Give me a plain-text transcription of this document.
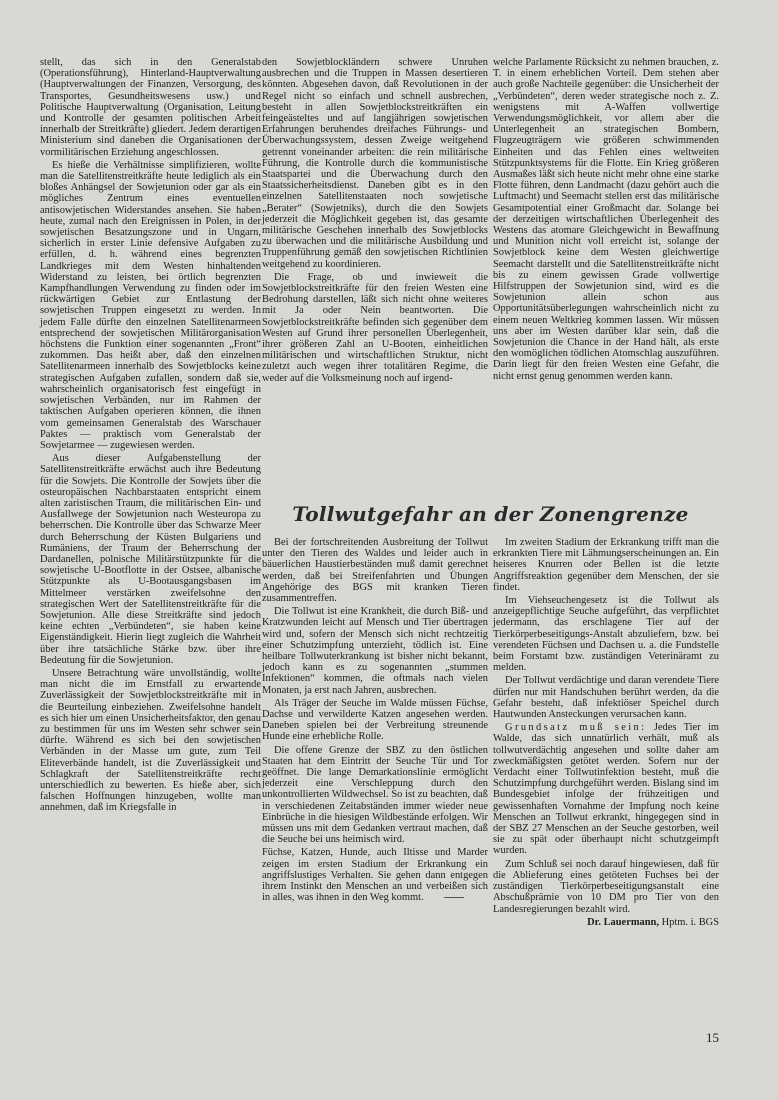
stellt, das sich in den Generalstab (Operationsführung), Hinterland-Hauptverwaltung (Hauptverwaltungen der Finanzen, Versorgung, des Transportes, Gesundheitswesens usw.) und Politische Hauptverwaltung (Organisation, Leitung und Kontrolle der gesamten politischen Arbeit innerhalb der Streitkräfte) gliedert. Jedem derartigen Ministerium sind daneben die Organisationen der vormilitärischen Erziehung angeschlossen.

Es hieße die Verhältnisse simplifizieren, wollte man die Satellitenstreitkräfte heute lediglich als ein bloßes Anhängsel der Sowjetunion oder gar als ein mögliches Zentrum eines eventuellen antisowjetischen Widerstandes ansehen. Sie haben heute, zumal nach den Ereignissen in Polen, in der sowjetischen Besatzungszone und in Ungarn, sicherlich in erster Linie defensive Aufgaben zu erfüllen, d. h. während eines begrenzten Landkrieges mit dem Westen hinhaltenden Widerstand zu leisten, bei örtlich begrenzten Kampfhandlungen Verwendung zu finden oder im rückwärtigen Gebiet zur Entlastung der sowjetischen Truppen eingesetzt zu werden. In jedem Falle dürfte den einzelnen Satellitenarmeen entsprechend der sowjetischen Militärorganisation höchstens die Funktion einer sogenannten „Front“ zukommen. Das heißt aber, daß den einzelnen Satellitenarmeen innerhalb des Sowjetblocks keine strategischen Aufgaben zufallen, sondern daß sie, wahrscheinlich organisatorisch fest eingefügt in sowjetischen Verbänden, nur im Rahmen der taktischen Aufgaben operieren können, die ihnen vom gemeinsamen Generalstab des Warschauer Paktes — praktisch vom Generalstab der Sowjetarmee — zugewiesen werden.

Aus dieser Aufgabenstellung der Satellitenstreitkräfte erwächst auch ihre Bedeutung für die Sowjets. Die Kontrolle der Sowjets über die osteuropäischen Nachbarstaaten entspricht einem alten zaristischen Traum, die militärischen Ein- und Ausfallwege der Sowjetunion nach Westeuropa zu beherrschen. Die Kontrolle über das Schwarze Meer durch Beherrschung der Küsten Bulgariens und Rumäniens, der Traum der Beherrschung der Dardanellen, polnische Militärstützpunkte für die sowjetische U-Bootflotte in der Ostsee, albanische Stützpunkte als U-Bootausgangsbasen im Mittelmeer verstärken zweifelsohne den strategischen Wert der Satellitenstreitkräfte für die Sowjetunion. Alle diese Streitkräfte sind jedoch keine echten „Verbündeten“, sie haben keine Eigenständigkeit. Hierin liegt zugleich die Wahrheit über ihre tatsächliche Stärke bzw. über ihre Bedeutung für die Sowjetunion.

Unsere Betrachtung wäre unvollständig, wollte man nicht die im Ernstfall zu erwartende Zuverlässigkeit der Sowjetblockstreitkräfte mit in die Beurteilung einbeziehen. Zweifelsohne handelt es sich hier um einen Unsicherheitsfaktor, den genau zu bestimmen für uns im Westen sehr schwer sein dürfte. Während es sich bei den sowjetischen Verbänden in der Masse um gute, zum Teil Eliteverbände handelt, ist die Zuverlässigkeit und Schlagkraft der Satellitenstreitkräfte recht unterschiedlich zu bewerten. Es hieße aber, sich falschen Hoffnungen hinzugeben, wollte man annehmen, daß im Kriegsfalle in

den Sowjetblockländern schwere Unruhen ausbrechen und die Truppen in Massen desertieren könnten. Abgesehen davon, daß Revolutionen in der Regel nicht so einfach und schnell ausbrechen, besteht in allen Sowjetblockstreitkräften ein feingeästeltes und auf langjährigen sowjetischen Erfahrungen beruhendes dreifaches Führungs- und Überwachungssystem, dessen Zweige weitgehend getrennt voneinander arbeiten: die rein militärische Führung, die Kontrolle durch die kommunistische Staatspartei und die Überwachung durch den Staatssicherheitsdienst. Daneben gibt es in den einzelnen Satellitenstaaten noch sowjetische „Berater“ (Sowjetniks), durch die den Sowjets jederzeit die Möglichkeit gegeben ist, das gesamte militärische Geschehen innerhalb des Sowjetblocks zu überwachen und die militärische Ausbildung und Truppenführung gemäß den sowjetischen Richtlinien weitgehend zu koordinieren.

Die Frage, ob und inwieweit die Sowjetblockstreitkräfte für den freien Westen eine Bedrohung darstellen, läßt sich nicht ohne weiteres mit Ja oder Nein beantworten. Die Sowjetblockstreitkräfte befinden sich gegenüber dem Westen auf Grund ihrer personellen Überlegenheit, ihrer größeren Zahl an U-Booten, einheitlichen militärischen und wirtschaftlichen Struktur, nicht zuletzt auch wegen ihrer totalitären Regime, die weder auf die Volksmeinung noch auf irgend-

welche Parlamente Rücksicht zu nehmen brauchen, z. T. in einem erheblichen Vorteil. Dem stehen aber auch große Nachteile gegenüber: die Unsicherheit der „Verbündeten“, deren weder strategische noch z. Z. wenigstens mit A-Waffen vollwertige Verwendungsmöglichkeit, vor allem aber die Unterlegenheit an strategischen Bombern, Flugzeugträgern wie größeren schwimmenden Einheiten und das Fehlen eines weltweiten Stützpunktsystems für die Flotte. Ein Krieg größeren Ausmaßes läßt sich heute nicht mehr ohne eine starke Flotte führen, denn Landmacht (dazu gehört auch die Luftmacht) und Seemacht stellen erst das militärische Gesamtpotential einer Großmacht dar. Solange bei der derzeitigen wirtschaftlichen Überlegenheit des Westens das atomare Gleichgewicht in Bewaffnung und Munition nicht voll erreicht ist, solange der Sowjetblock keine dem Westen gleichwertige Seemacht darstellt und die Satellitenstreitkräfte nicht bis zu einem gewissen Grade vollwertige Hilfstruppen der Sowjetunion sind, wird es die Sowjetunion allein schon aus Opportunitätsüberlegungen wahrscheinlich nicht zu einem neuen Weltkrieg kommen lassen. Wir müssen uns aber im Westen darüber klar sein, daß die Sowjetunion die Chance in der Hand hält, als erste den womöglichen tödlichen Atomschlag auszuführen. Darin liegt für den freien Westen eine Gefahr, die nicht ernst genug genommen werden kann.

Tollwutgefahr an der Zonengrenze

Bei der fortschreitenden Ausbreitung der Tollwut unter den Tieren des Waldes und leider auch in bäuerlichen Haustierbeständen muß damit gerechnet werden, daß bei Streifenfahrten und Übungen Angehörige des BGS mit kranken Tieren zusammentreffen.

Die Tollwut ist eine Krankheit, die durch Biß- und Kratzwunden leicht auf Mensch und Tier übertragen wird und, sofern der Mensch sich nicht rechtzeitig einer Schutzimpfung unterzieht, tödlich ist. Eine heilbare Tollwuterkrankung ist bisher nicht bekannt, jedoch kann es zu sogenannten „stummen Infektionen“ kommen, die oftmals nach vielen Monaten, ja erst nach Jahren, ausbrechen.

Als Träger der Seuche im Walde müssen Füchse, Dachse und verwilderte Katzen angesehen werden. Daneben spielen bei der Verbreitung streunende Hunde eine erhebliche Rolle.

Die offene Grenze der SBZ zu den östlichen Staaten hat dem Eintritt der Seuche Tür und Tor geöffnet. Die lange Demarkationslinie ermöglicht jederzeit eine Verschleppung durch den unkontrollierten Wildwechsel. So ist zu beachten, daß in verschiedenen Zeitabständen immer wieder neue Einbrüche in die hiesigen Wildbestände erfolgen. Wir müssen uns mit dem Gedanken vertraut machen, daß die Seuche bei uns heimisch wird.

Füchse, Katzen, Hunde, auch Iltisse und Marder zeigen im ersten Stadium der Erkrankung ein angriffslustiges Verhalten. Sie gehen dann entgegen ihrem Instinkt den Menschen an und verbeißen sich in alles, was ihnen in den Weg kommt.

Im zweiten Stadium der Erkrankung trifft man die erkrankten Tiere mit Lähmungserscheinungen an. Ein heiseres Knurren oder Bellen ist die letzte Angriffsreaktion gegenüber dem Menschen, der sie findet.

Im Viehseuchengesetz ist die Tollwut als anzeigepflichtige Seuche aufgeführt, das verpflichtet jedermann, das erschlagene Tier auf der Tierkörperbeseitigungs-Anstalt abzuliefern, bzw. bei verendeten Füchsen und Dachsen u. a. die Fundstelle beim Forstamt bzw. zuständigen Veterinäramt zu melden.

Der Tollwut verdächtige und daran verendete Tiere dürfen nur mit Handschuhen berührt werden, da die Gefahr besteht, daß infektiöser Speichel durch Hautwunden Ansteckungen verursachen kann.

Grundsatz muß sein: Jedes Tier im Walde, das sich unnatürlich verhält, muß als tollwutverdächtig angesehen und sollte daher am zweckmäßigsten getötet werden. Sofern nur der Verdacht einer Tollwutinfektion besteht, muß die Schutzimpfung durchgeführt werden. Bislang sind im Bundesgebiet infolge der frühzeitigen und gewissenhaften Vornahme der Impfung noch keine Menschen an Tollwut erkrankt, hingegegen sind in der SBZ 27 Menschen an der Seuche gestorben, weil sie zu spät oder überhaupt nicht schutzgeimpft wurden.

Zum Schluß sei noch darauf hingewiesen, daß für die Ablieferung eines getöteten Fuchses bei der zuständigen Tierkörperbeseitigungsanstalt eine Abschußprämie von 10 DM pro Tier von den Landesregierungen bezahlt wird.

Dr. Lauermann, Hptm. i. BGS

15
